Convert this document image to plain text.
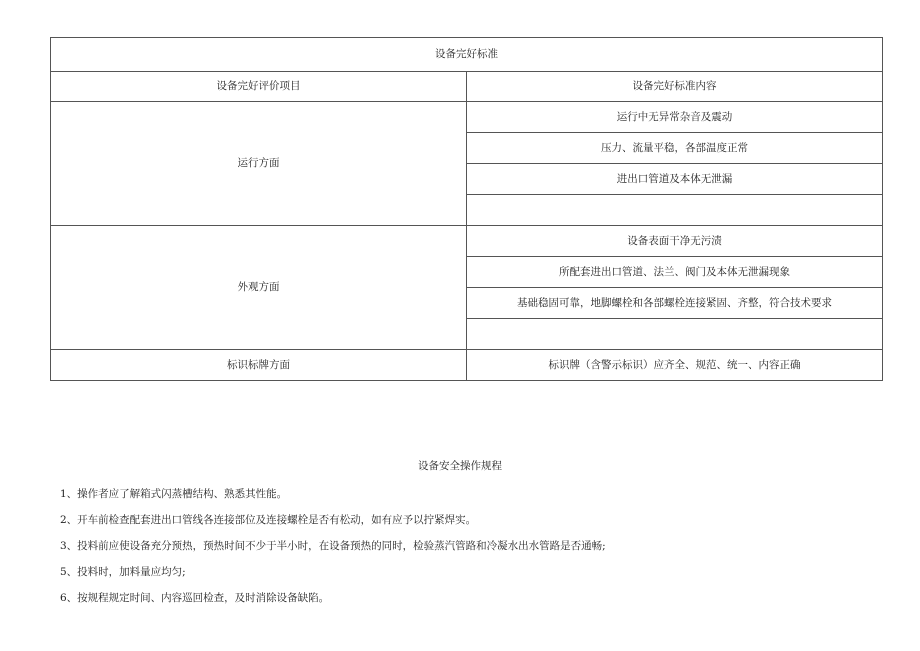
设备完好标准	
设备完好评价项目	设备完好标准内容
运行方面	运行中无异常杂音及震动
	压力、流量平稳，各部温度正常
	进出口管道及本体无泄漏

外观方面	设备表面干净无污渍
	所配套进出口管道、法兰、阀门及本体无泄漏现象
	基础稳固可靠，地脚螺栓和各部螺栓连接紧固、齐整，符合技术要求

标识标牌方面	标识牌（含警示标识）应齐全、规范、统一、内容正确
设备安全操作规程
1、操作者应了解箱式闪蒸槽结构、熟悉其性能。
2、开车前检查配套进出口管线各连接部位及连接螺栓是否有松动，如有应予以拧紧焊实。
3、投料前应使设备充分预热，预热时间不少于半小时，在设备预热的同时，检验蒸汽管路和冷凝水出水管路是否通畅;
5、投料时，加料量应均匀;
6、按规程规定时间、内容巡回检查，及时消除设备缺陷。
